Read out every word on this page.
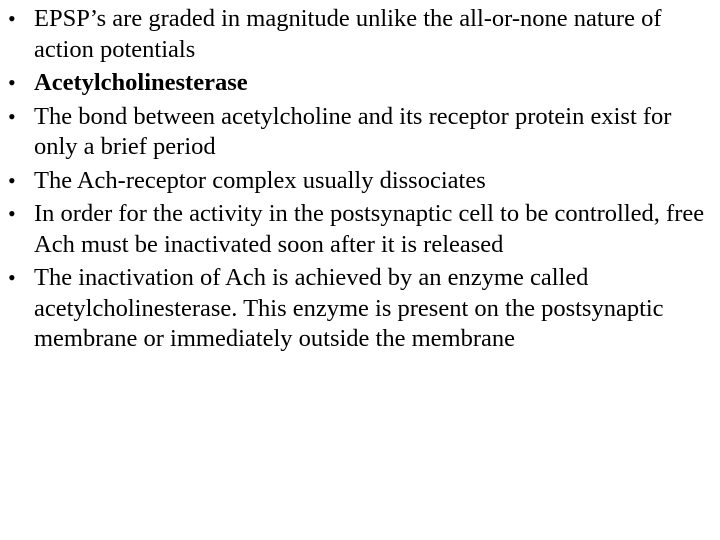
• EPSP’s are graded in magnitude unlike the all-or-none nature of action potentials
• Acetylcholinesterase
• The bond between acetylcholine and its receptor protein exist for only a brief period
• The Ach-receptor complex usually dissociates
• In order for the activity in the postsynaptic cell to be controlled, free Ach must be inactivated soon after it is released
• The inactivation of Ach is achieved by an enzyme called acetylcholinesterase. This enzyme is present on the postsynaptic membrane or immediately outside the membrane
